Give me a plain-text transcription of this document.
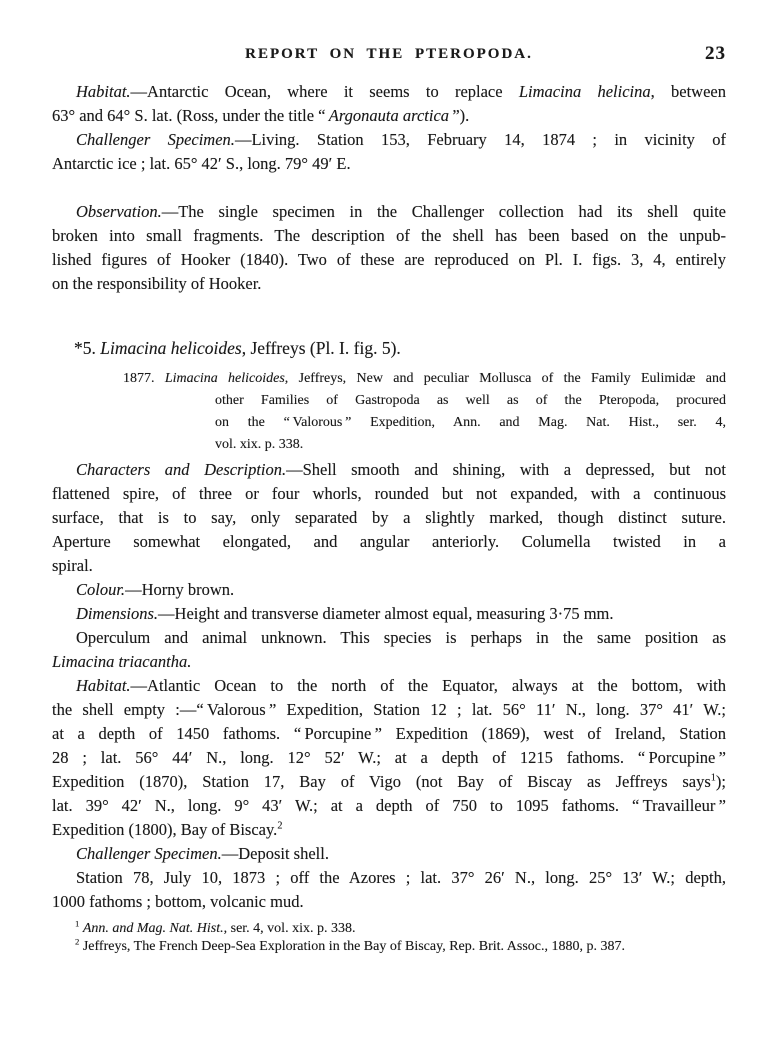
REPORT ON THE PTEROPODA.	23
Habitat.—Antarctic Ocean, where it seems to replace Limacina helicina, between
63° and 64° S. lat. (Ross, under the title “ Argonauta arctica ”).
Challenger Specimen.—Living. Station 153, February 14, 1874 ; in vicinity of
Antarctic ice ; lat. 65° 42′ S., long. 79° 49′ E.
Observation.—The single specimen in the Challenger collection had its shell quite
broken into small fragments. The description of the shell has been based on the unpub-
lished figures of Hooker (1840). Two of these are reproduced on Pl. I. figs. 3, 4, entirely
on the responsibility of Hooker.
*5. Limacina helicoides, Jeffreys (Pl. I. fig. 5).
1877. Limacina helicoides, Jeffreys, New and peculiar Mollusca of the Family Eulimidæ and
other Families of Gastropoda as well as of the Pteropoda, procured
on the “ Valorous ” Expedition, Ann. and Mag. Nat. Hist., ser. 4,
vol. xix. p. 338.
Characters and Description.—Shell smooth and shining, with a depressed, but not
flattened spire, of three or four whorls, rounded but not expanded, with a continuous
surface, that is to say, only separated by a slightly marked, though distinct suture.
Aperture somewhat elongated, and angular anteriorly. Columella twisted in a
spiral.
Colour.—Horny brown.
Dimensions.—Height and transverse diameter almost equal, measuring 3·75 mm.
Operculum and animal unknown. This species is perhaps in the same position as
Limacina triacantha.
Habitat.—Atlantic Ocean to the north of the Equator, always at the bottom, with
the shell empty :—“ Valorous ” Expedition, Station 12 ; lat. 56° 11′ N., long. 37° 41′ W.;
at a depth of 1450 fathoms. “ Porcupine ” Expedition (1869), west of Ireland, Station
28 ; lat. 56° 44′ N., long. 12° 52′ W.; at a depth of 1215 fathoms. “ Porcupine ”
Expedition (1870), Station 17, Bay of Vigo (not Bay of Biscay as Jeffreys says$^1$);
lat. 39° 42′ N., long. 9° 43′ W.; at a depth of 750 to 1095 fathoms. “ Travailleur ”
Expedition (1800), Bay of Biscay.$^2$
Challenger Specimen.—Deposit shell.
Station 78, July 10, 1873 ; off the Azores ; lat. 37° 26′ N., long. 25° 13′ W.; depth,
1000 fathoms ; bottom, volcanic mud.
$^1$ Ann. and Mag. Nat. Hist., ser. 4, vol. xix. p. 338.
$^2$ Jeffreys, The French Deep-Sea Exploration in the Bay of Biscay, Rep. Brit. Assoc., 1880, p. 387.
